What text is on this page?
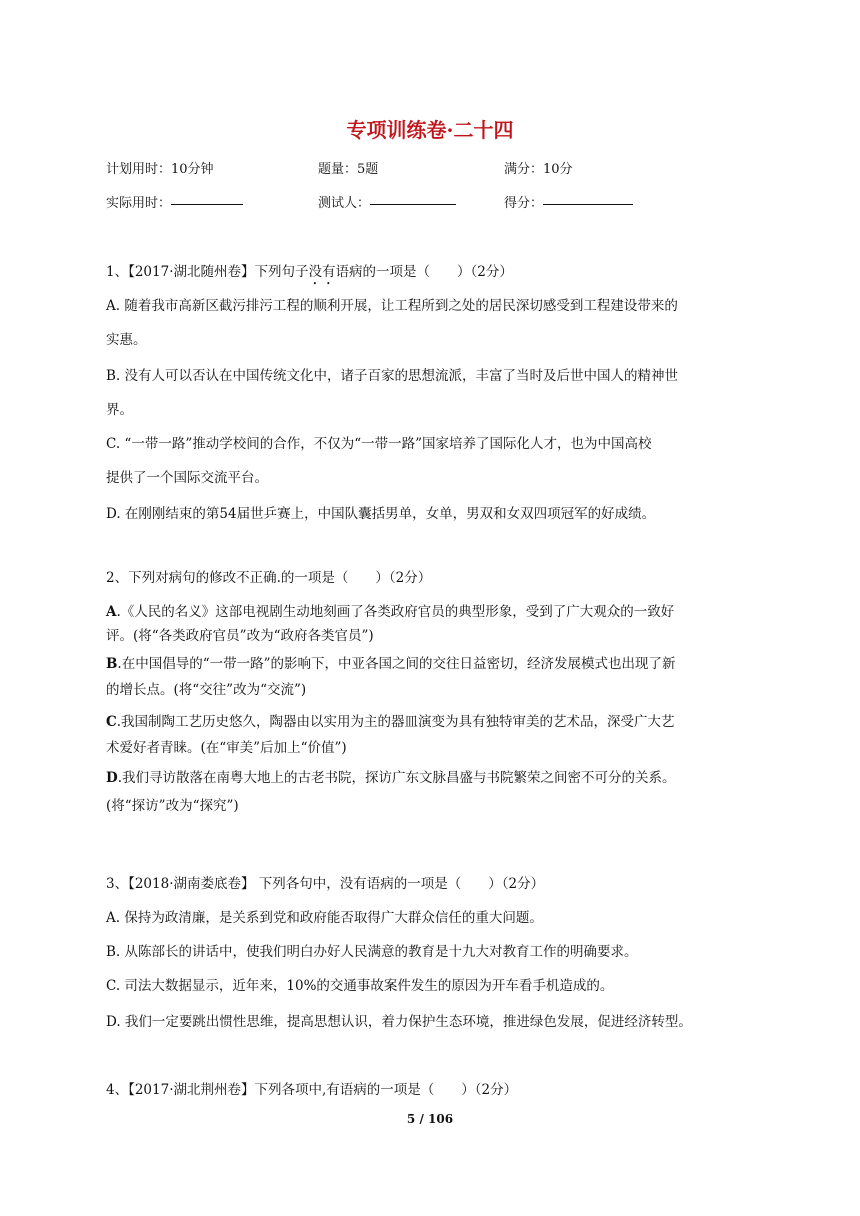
专项训练卷·二十四
计划用时：10分钟	题量：5题	满分：10分
实际用时：	测试人：	得分：
1、【2017·湖北随州卷】下列句子没有语病的一项是（　　）（2分）
A. 随着我市高新区截污排污工程的顺利开展，让工程所到之处的居民深切感受到工程建设带来的
实惠。
B. 没有人可以否认在中国传统文化中，诸子百家的思想流派，丰富了当时及后世中国人的精神世
界。
C. “一带一路”推动学校间的合作，不仅为“一带一路”国家培养了国际化人才，也为中国高校
提供了一个国际交流平台。
D. 在刚刚结束的第54届世乒赛上，中国队囊括男单，女单，男双和女双四项冠军的好成绩。
2、下列对病句的修改不正确.的一项是（　　）（2分）
A.《人民的名义》这部电视剧生动地刻画了各类政府官员的典型形象，受到了广大观众的一致好
评。(将“各类政府官员”改为“政府各类官员”)
B.在中国倡导的“一带一路”的影响下，中亚各国之间的交往日益密切，经济发展模式也出现了新
的增长点。(将“交往”改为“交流”)
C.我国制陶工艺历史悠久，陶器由以实用为主的器皿演变为具有独特审美的艺术品，深受广大艺
术爱好者青睐。(在“审美”后加上“价值”)
D.我们寻访散落在南粤大地上的古老书院，探访广东文脉昌盛与书院繁荣之间密不可分的关系。
(将“探访”改为“探究”)
3、【2018·湖南娄底卷】 下列各句中，没有语病的一项是（　　）（2分）
A. 保持为政清廉，是关系到党和政府能否取得广大群众信任的重大问题。
B. 从陈部长的讲话中，使我们明白办好人民满意的教育是十九大对教育工作的明确要求。
C. 司法大数据显示，近年来，10%的交通事故案件发生的原因为开车看手机造成的。
D. 我们一定要跳出惯性思维，提高思想认识，着力保护生态环境，推进绿色发展，促进经济转型。
4、【2017·湖北荆州卷】下列各项中,有语病的一项是（　　）（2分）
5 / 106
